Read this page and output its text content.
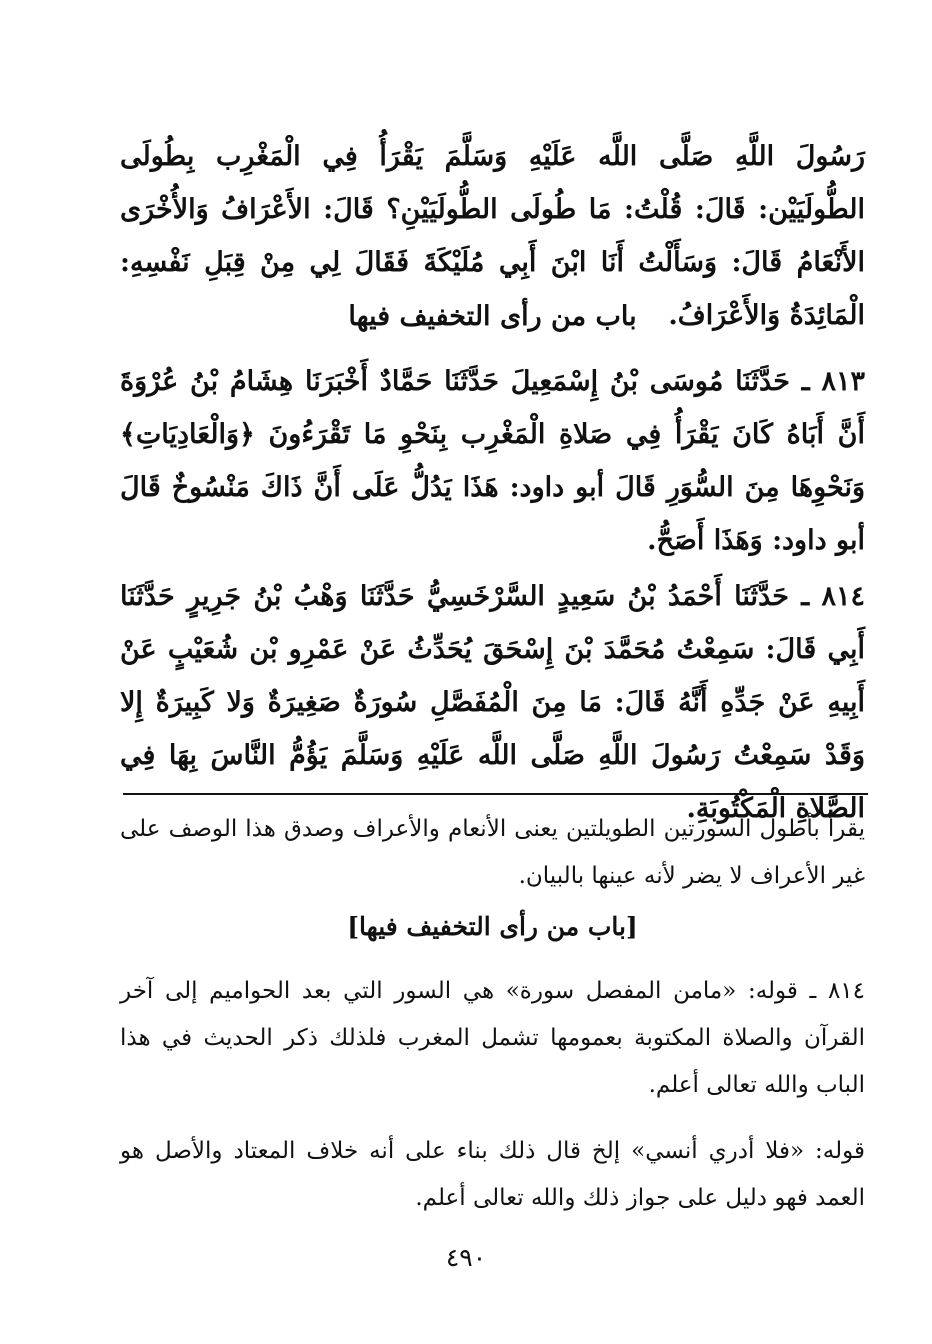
رَسُولَ اللَّهِ صَلَّى اللَّه عَلَيْهِ وَسَلَّمَ يَقْرَأُ فِي الْمَغْرِب بِطُولَى الطُّولَيَيْن: قَالَ: قُلْتُ: مَا طُولَى الطُّولَيَيْنِ؟ قَالَ: الأَعْرَافُ وَالأُخْرَى الأَنْعَامُ قَالَ: وَسَأَلْتُ أَنَا ابْنَ أَبِي مُلَيْكَةَ فَقَالَ لِي مِنْ قِبَلِ نَفْسِهِ: الْمَائِدَةُ وَالأَعْرَافُ.

باب من رأى التخفيف فيها

٨١٣ ـ حَدَّثَنَا مُوسَى بْنُ إِسْمَعِيلَ حَدَّثَنَا حَمَّادٌ أَخْبَرَنَا هِشَامُ بْنُ عُرْوَةَ أَنَّ أَبَاهُ كَانَ يَقْرَأُ فِي صَلاةِ الْمَغْرِب بِنَحْوِ مَا تَقْرَءُونَ ﴿وَالْعَادِيَاتِ﴾ وَنَحْوِهَا مِنَ السُّوَرِ قَالَ أبو داود: هَذَا يَدُلُّ عَلَى أَنَّ ذَاكَ مَنْسُوخٌ قَالَ أبو داود: وَهَذَا أَصَحُّ.

٨١٤ ـ حَدَّثَنَا أَحْمَدُ بْنُ سَعِيدٍ السَّرْخَسِيُّ حَدَّثَنَا وَهْبُ بْنُ جَرِيرٍ حَدَّثَنَا أَبِي قَالَ: سَمِعْتُ مُحَمَّدَ بْنَ إِسْحَقَ يُحَدِّثُ عَنْ عَمْرِو بْن شُعَيْبٍ عَنْ أَبِيهِ عَنْ جَدِّهِ أَنَّهُ قَالَ: مَا مِنَ الْمُفَصَّلِ سُورَةٌ صَغِيرَةٌ وَلا كَبِيرَةٌ إِلا وَقَدْ سَمِعْتُ رَسُولَ اللَّهِ صَلَّى اللَّه عَلَيْهِ وَسَلَّمَ يَؤُمُّ النَّاسَ بِهَا فِي الصَّلاةِ الْمَكْتُوبَةِ.

يقرأ بأطول السورتين الطويلتين يعنى الأنعام والأعراف وصدق هذا الوصف على غير الأعراف لا يضر لأنه عينها بالبيان.

[باب من رأى التخفيف فيها]

٨١٤ ـ قوله: «مامن المفصل سورة» هي السور التي بعد الحواميم إلى آخر القرآن والصلاة المكتوبة بعمومها تشمل المغرب فلذلك ذكر الحديث في هذا الباب والله تعالى أعلم.

قوله: «فلا أدري أنسي» إلخ قال ذلك بناء على أنه خلاف المعتاد والأصل هو العمد فهو دليل على جواز ذلك والله تعالى أعلم.

٤٩٠
